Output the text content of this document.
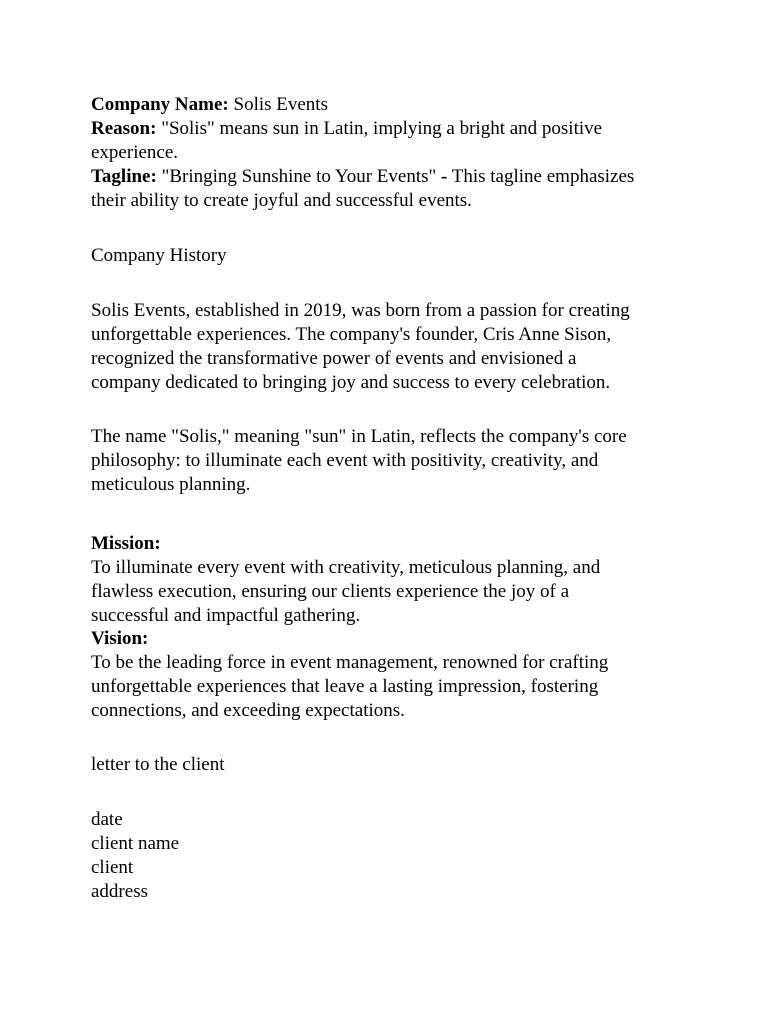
Company Name: Solis Events
Reason: "Solis" means sun in Latin, implying a bright and positive
experience.
Tagline: "Bringing Sunshine to Your Events" - This tagline emphasizes
their ability to create joyful and successful events.
Company History
Solis Events, established in 2019, was born from a passion for creating
unforgettable experiences. The company's founder, Cris Anne Sison,
recognized the transformative power of events and envisioned a
company dedicated to bringing joy and success to every celebration.
The name "Solis," meaning "sun" in Latin, reflects the company's core
philosophy: to illuminate each event with positivity, creativity, and
meticulous planning.
Mission:
To illuminate every event with creativity, meticulous planning, and
flawless execution, ensuring our clients experience the joy of a
successful and impactful gathering.
Vision:
To be the leading force in event management, renowned for crafting
unforgettable experiences that leave a lasting impression, fostering
connections, and exceeding expectations.
letter to the client
date
client name
client
address
